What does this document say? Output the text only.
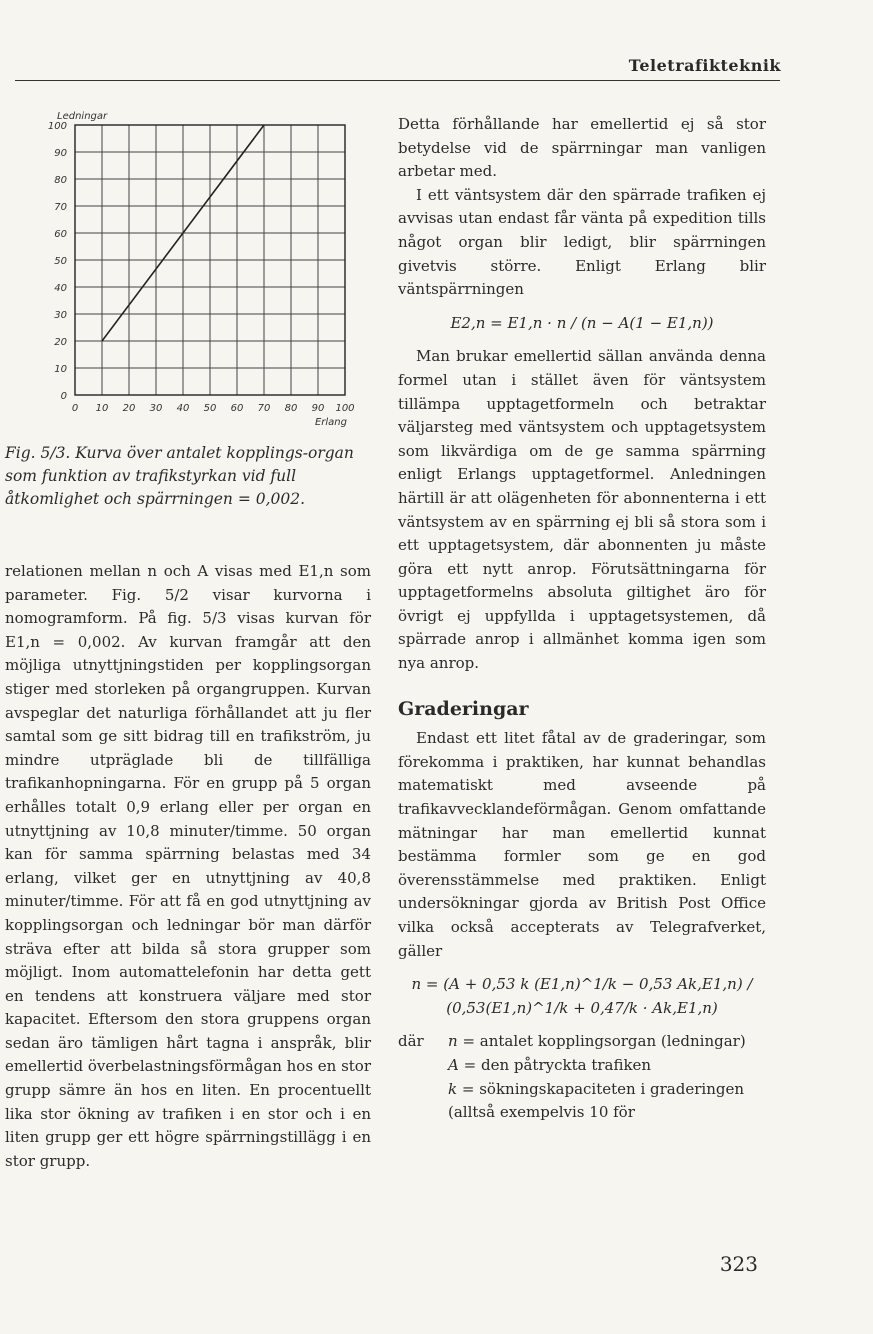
Teletrafikteknik
0
10
20
30
40
50
60
70
80
90
100
0 10 20 30 40 50 60 70 80 90 100
Ledningar
Erlang
Fig. 5/3. Kurva över antalet kopplings-organ som funktion av trafikstyrkan vid full åtkomlighet och spärrningen = 0,002.

relationen mellan n och A visas med E1,n som parameter. Fig. 5/2 visar kurvorna i nomogramform. På fig. 5/3 visas kurvan för E1,n = 0,002. Av kurvan framgår att den möjliga utnyttjningstiden per kopplingsorgan stiger med storleken på organgruppen. Kurvan avspeglar det naturliga förhållandet att ju fler samtal som ge sitt bidrag till en trafikström, ju mindre utpräglade bli de tillfälliga trafikanhopningarna. För en grupp på 5 organ erhålles totalt 0,9 erlang eller per organ en utnyttjning av 10,8 minuter/timme. 50 organ kan för samma spärrning belastas med 34 erlang, vilket ger en utnyttjning av 40,8 minuter/timme. För att få en god utnyttjning av kopplingsorgan och ledningar bör man därför sträva efter att bilda så stora grupper som möjligt. Inom automattelefonin har detta gett en tendens att konstruera väljare med stor kapacitet. Eftersom den stora gruppens organ sedan äro tämligen hårt tagna i anspråk, blir emellertid överbelastningsförmågan hos en stor grupp sämre än hos en liten. En procentuellt lika stor ökning av trafiken i en stor och i en liten grupp ger ett högre spärrningstillägg i en stor grupp.

Detta förhållande har emellertid ej så stor betydelse vid de spärrningar man vanligen arbetar med.

I ett väntsystem där den spärrade trafiken ej avvisas utan endast får vänta på expedition tills något organ blir ledigt, blir spärrningen givetvis större. Enligt Erlang blir väntspärrningen

E2,n = E1,n · n / (n − A(1 − E1,n))

Man brukar emellertid sällan använda denna formel utan i stället även för väntsystem tillämpa upptagetformeln och betraktar väljarsteg med väntsystem och upptagetsystem som likvärdiga om de ge samma spärrning enligt Erlangs upptagetformel. Anledningen härtill är att olägenheten för abonnenterna i ett väntsystem av en spärrning ej bli så stora som i ett upptagetsystem, där abonnenten ju måste göra ett nytt anrop. Förutsättningarna för upptagetformelns absoluta giltighet äro för övrigt ej uppfyllda i upptagetsystemen, då spärrade anrop i allmänhet komma igen som nya anrop.

Graderingar

Endast ett litet fåtal av de graderingar, som förekomma i praktiken, har kunnat behandlas matematiskt med avseende på trafikavvecklandeförmågan. Genom omfattande mätningar har man emellertid kunnat bestämma formler som ge en god överensstämmelse med praktiken. Enligt undersökningar gjorda av British Post Office vilka också accepterats av Telegrafverket, gäller

n = (A + 0,53 k (E1,n)^1/k − 0,53 Ak,E1,n) / (0,53(E1,n)^1/k + 0,47/k · Ak,E1,n)
där	n = antalet kopplingsorgan (ledningar)
A = den påtryckta trafiken
k = sökningskapaciteten i graderingen (alltså exempelvis 10 för
323
